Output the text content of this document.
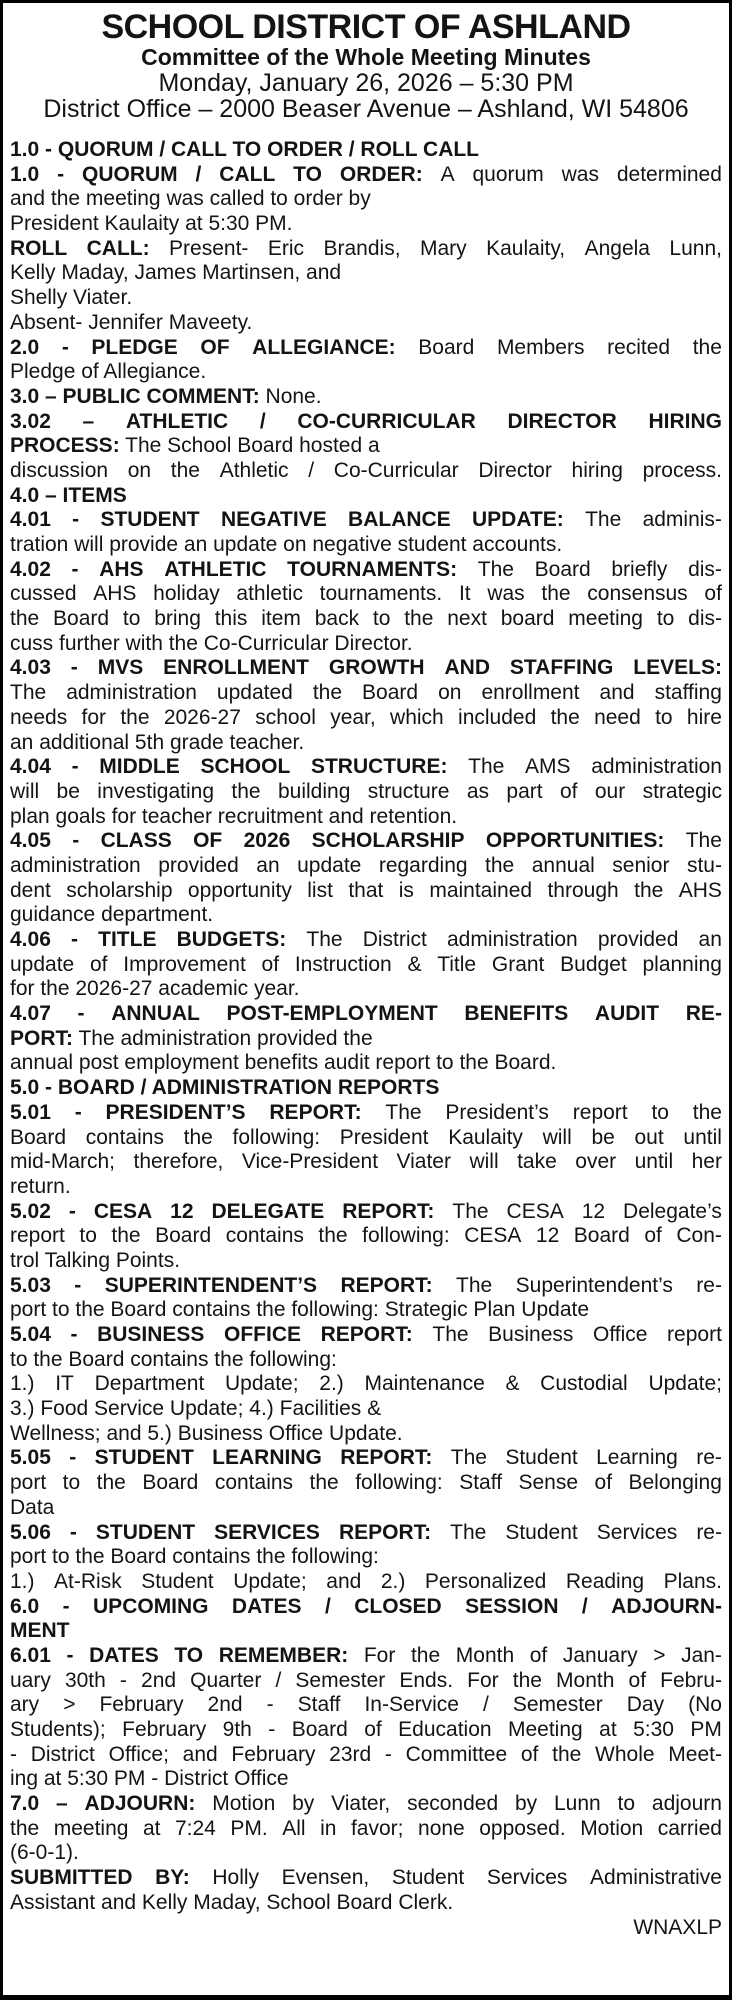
SCHOOL DISTRICT OF ASHLAND
Committee of the Whole Meeting Minutes
Monday, January 26, 2026 – 5:30 PM
District Office – 2000 Beaser Avenue – Ashland, WI 54806
1.0 - QUORUM / CALL TO ORDER / ROLL CALL
1.0 - QUORUM / CALL TO ORDER: A quorum was determined
and the meeting was called to order by
President Kaulaity at 5:30 PM.
ROLL CALL: Present- Eric Brandis, Mary Kaulaity, Angela Lunn,
Kelly Maday, James Martinsen, and
Shelly Viater.
Absent- Jennifer Maveety.
2.0 - PLEDGE OF ALLEGIANCE: Board Members recited the
Pledge of Allegiance.
3.0 – PUBLIC COMMENT: None.
3.02 – ATHLETIC / CO-CURRICULAR DIRECTOR HIRING
PROCESS: The School Board hosted a
discussion on the Athletic / Co-Curricular Director hiring process.
4.0 – ITEMS
4.01 - STUDENT NEGATIVE BALANCE UPDATE: The adminis-
tration will provide an update on negative student accounts.
4.02 - AHS ATHLETIC TOURNAMENTS: The Board briefly dis-
cussed AHS holiday athletic tournaments. It was the consensus of
the Board to bring this item back to the next board meeting to dis-
cuss further with the Co-Curricular Director.
4.03 - MVS ENROLLMENT GROWTH AND STAFFING LEVELS:
The administration updated the Board on enrollment and staffing
needs for the 2026-27 school year, which included the need to hire
an additional 5th grade teacher.
4.04 - MIDDLE SCHOOL STRUCTURE: The AMS administration
will be investigating the building structure as part of our strategic
plan goals for teacher recruitment and retention.
4.05 - CLASS OF 2026 SCHOLARSHIP OPPORTUNITIES: The
administration provided an update regarding the annual senior stu-
dent scholarship opportunity list that is maintained through the AHS
guidance department.
4.06 - TITLE BUDGETS: The District administration provided an
update of Improvement of Instruction & Title Grant Budget planning
for the 2026-27 academic year.
4.07 - ANNUAL POST-EMPLOYMENT BENEFITS AUDIT RE-
PORT: The administration provided the
annual post employment benefits audit report to the Board.
5.0 - BOARD / ADMINISTRATION REPORTS
5.01 - PRESIDENT’S REPORT: The President’s report to the
Board contains the following: President Kaulaity will be out until
mid-March; therefore, Vice-President Viater will take over until her
return.
5.02 - CESA 12 DELEGATE REPORT: The CESA 12 Delegate’s
report to the Board contains the following: CESA 12 Board of Con-
trol Talking Points.
5.03 - SUPERINTENDENT’S REPORT: The Superintendent’s re-
port to the Board contains the following: Strategic Plan Update
5.04 - BUSINESS OFFICE REPORT: The Business Office report
to the Board contains the following:
1.) IT Department Update; 2.) Maintenance & Custodial Update;
3.) Food Service Update; 4.) Facilities &
Wellness; and 5.) Business Office Update.
5.05 - STUDENT LEARNING REPORT: The Student Learning re-
port to the Board contains the following: Staff Sense of Belonging
Data
5.06 - STUDENT SERVICES REPORT: The Student Services re-
port to the Board contains the following:
1.) At-Risk Student Update; and 2.) Personalized Reading Plans.
6.0 - UPCOMING DATES / CLOSED SESSION / ADJOURN-
MENT
6.01 - DATES TO REMEMBER: For the Month of January > Jan-
uary 30th - 2nd Quarter / Semester Ends. For the Month of Febru-
ary > February 2nd - Staff In-Service / Semester Day (No
Students); February 9th - Board of Education Meeting at 5:30 PM
- District Office; and February 23rd - Committee of the Whole Meet-
ing at 5:30 PM - District Office
7.0 – ADJOURN: Motion by Viater, seconded by Lunn to adjourn
the meeting at 7:24 PM. All in favor; none opposed. Motion carried
(6-0-1).
SUBMITTED BY: Holly Evensen, Student Services Administrative
Assistant and Kelly Maday, School Board Clerk.
WNAXLP
